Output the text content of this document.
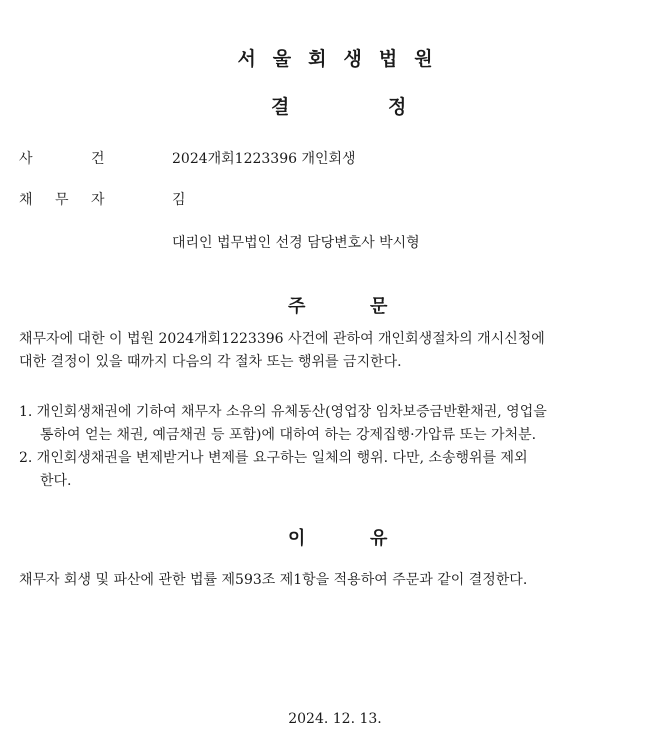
서울회생법원
결	정
사	건	2024개회1223396 개인회생
채 무 자	김
대리인 법무법인 선경 담당변호사 박시형
주	문
채무자에 대한 이 법원 2024개회1223396 사건에 관하여 개인회생절차의 개시신청에
대한 결정이 있을 때까지 다음의 각 절차 또는 행위를 금지한다.
1. 개인회생채권에 기하여 채무자 소유의 유체동산(영업장 임차보증금반환채권, 영업을
통하여 얻는 채권, 예금채권 등 포함)에 대하여 하는 강제집행·가압류 또는 가처분.
2. 개인회생채권을 변제받거나 변제를 요구하는 일체의 행위. 다만, 소송행위를 제외
한다.
이	유
채무자 회생 및 파산에 관한 법률 제593조 제1항을 적용하여 주문과 같이 결정한다.
2024. 12. 13.
